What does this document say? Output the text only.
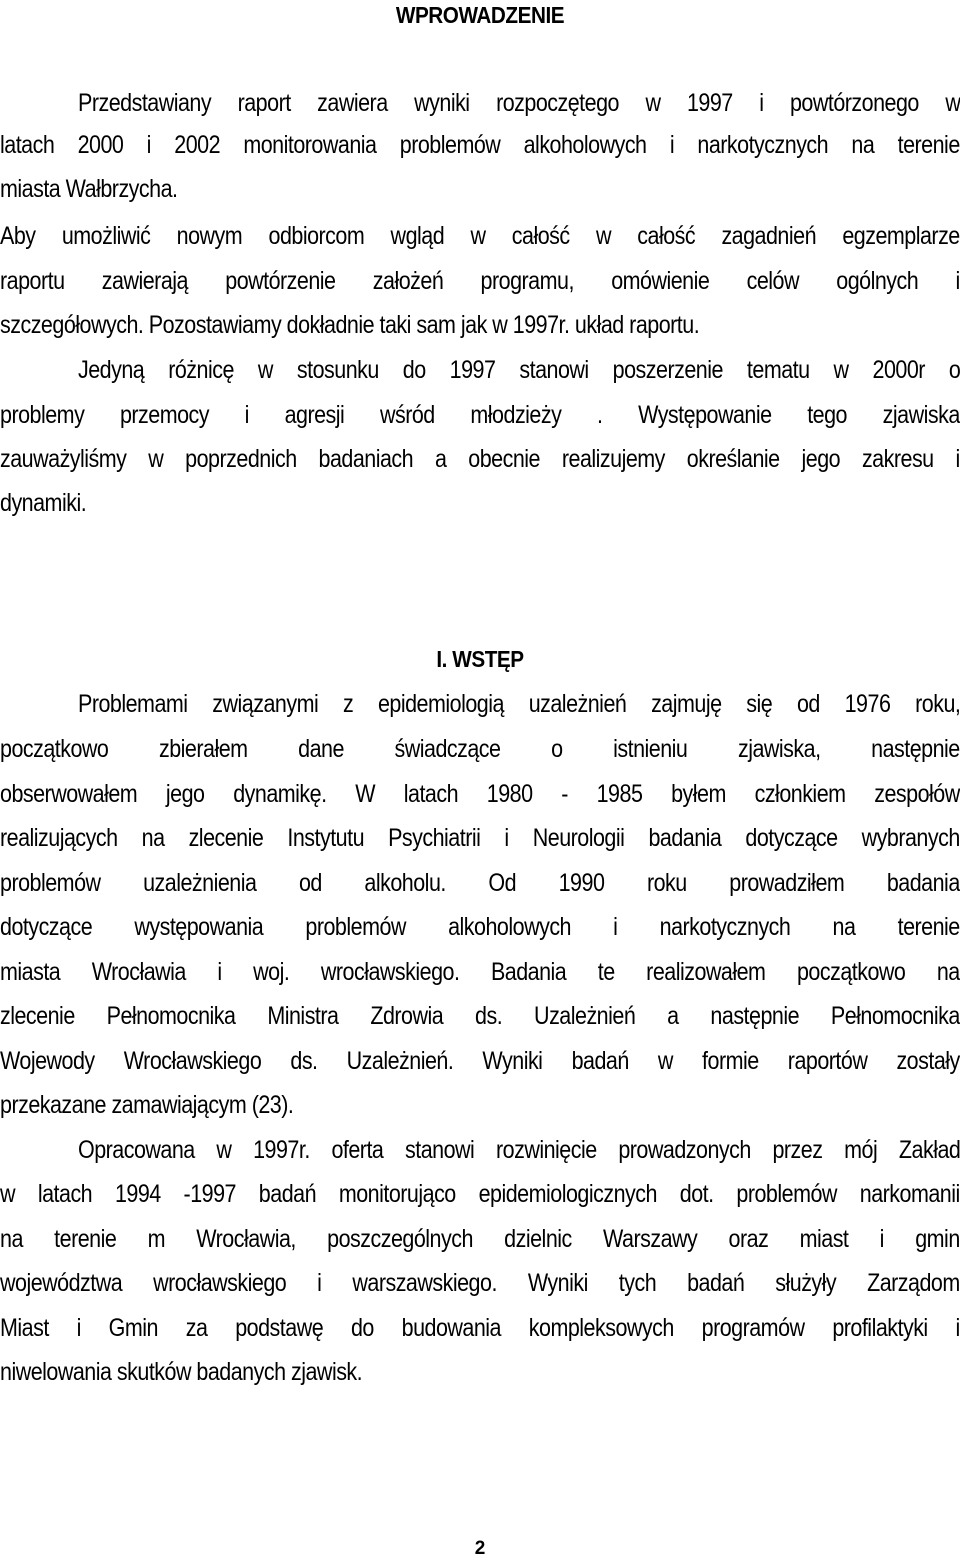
WPROWADZENIE
Przedstawiany raport zawiera wyniki rozpoczętego w 1997 i powtórzonego w
latach 2000 i 2002 monitorowania problemów alkoholowych i narkotycznych na terenie
miasta Wałbrzycha.
Aby umożliwić nowym odbiorcom wgląd w całość w całość zagadnień egzemplarze
raportu zawierają powtórzenie założeń programu, omówienie celów ogólnych i
szczegółowych. Pozostawiamy dokładnie taki sam jak w 1997r. układ raportu.
Jedyną różnicę w stosunku do 1997 stanowi poszerzenie tematu w 2000r o
problemy przemocy i agresji wśród młodzieży . Występowanie tego zjawiska
zauważyliśmy w poprzednich badaniach a obecnie realizujemy określanie jego zakresu i
dynamiki.
I. WSTĘP
Problemami związanymi z epidemiologią uzależnień zajmuję się od 1976 roku,
początkowo zbierałem dane świadczące o istnieniu zjawiska, następnie
obserwowałem jego dynamikę. W latach 1980 - 1985 byłem członkiem zespołów
realizujących na zlecenie Instytutu Psychiatrii i Neurologii badania dotyczące wybranych
problemów uzależnienia od alkoholu. Od 1990 roku prowadziłem badania
dotyczące występowania problemów alkoholowych i narkotycznych na terenie
miasta Wrocławia i woj. wrocławskiego. Badania te realizowałem początkowo na
zlecenie Pełnomocnika Ministra Zdrowia ds. Uzależnień a następnie Pełnomocnika
Wojewody Wrocławskiego ds. Uzależnień. Wyniki badań w formie raportów zostały
przekazane zamawiającym (23).
Opracowana w 1997r. oferta stanowi rozwinięcie prowadzonych przez mój Zakład
w latach 1994 -1997 badań monitorująco epidemiologicznych dot. problemów narkomanii
na terenie m Wrocławia, poszczególnych dzielnic Warszawy oraz miast i gmin
województwa wrocławskiego i warszawskiego. Wyniki tych badań służyły Zarządom
Miast i Gmin za podstawę do budowania kompleksowych programów profilaktyki i
niwelowania skutków badanych zjawisk.
2
